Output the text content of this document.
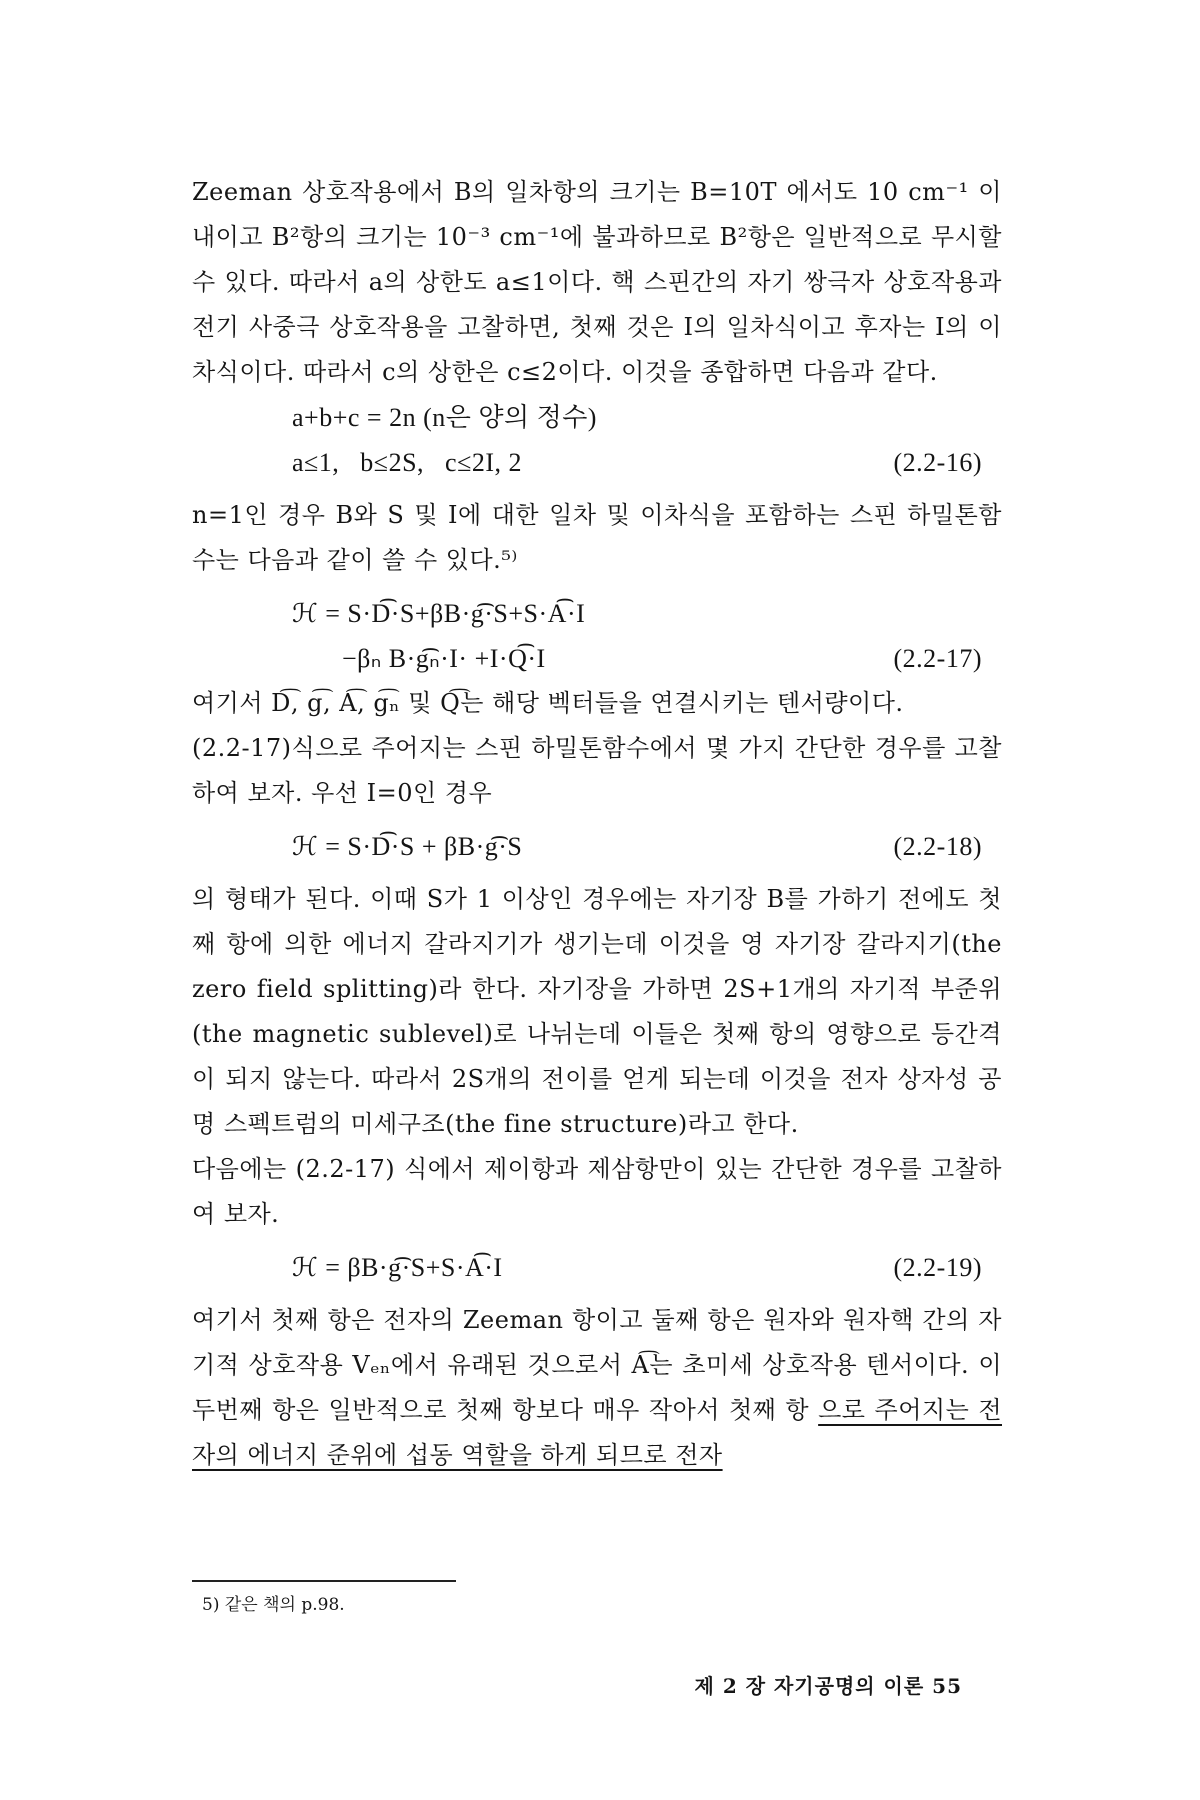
Zeeman 상호작용에서 B의 일차항의 크기는 B=10T 에서도 10 cm⁻¹ 이내이고 B²항의 크기는 10⁻³ cm⁻¹에 불과하므로 B²항은 일반적으로 무시할 수 있다. 따라서 a의 상한도 a≤1이다. 핵 스핀간의 자기 쌍극자 상호작용과 전기 사중극 상호작용을 고찰하면, 첫째 것은 I의 일차식이고 후자는 I의 이차식이다. 따라서 c의 상한은 c≤2이다. 이것을 종합하면 다음과 같다.

a+b+c = 2n (n은 양의 정수)
a≤1,   b≤2S,   c≤2I, 2	(2.2-16)

n=1인 경우 B와 S 및 I에 대한 일차 및 이차식을 포함하는 스핀 하밀톤함수는 다음과 같이 쓸 수 있다.⁵⁾

ℋ = S·D͡·S+βB·g͡·S+S·A͡·I
−βₙ B·g͡ₙ·I· +I·Q͡·I	(2.2-17)

여기서 D͡, g͡, A͡, g͡ₙ 및 Q͡는 해당 벡터들을 연결시키는 텐서량이다.

(2.2-17)식으로 주어지는 스핀 하밀톤함수에서 몇 가지 간단한 경우를 고찰하여 보자. 우선 I=0인 경우

ℋ = S·D͡·S + βB·g͡·S	(2.2-18)

의 형태가 된다. 이때 S가 1 이상인 경우에는 자기장 B를 가하기 전에도 첫째 항에 의한 에너지 갈라지기가 생기는데 이것을 영 자기장 갈라지기(the zero field splitting)라 한다. 자기장을 가하면 2S+1개의 자기적 부준위(the magnetic sublevel)로 나뉘는데 이들은 첫째 항의 영향으로 등간격이 되지 않는다. 따라서 2S개의 전이를 얻게 되는데 이것을 전자 상자성 공명 스펙트럼의 미세구조(the fine structure)라고 한다.

다음에는 (2.2-17) 식에서 제이항과 제삼항만이 있는 간단한 경우를 고찰하여 보자.

ℋ = βB·g͡·S+S·A͡·I	(2.2-19)

여기서 첫째 항은 전자의 Zeeman 항이고 둘째 항은 원자와 원자핵 간의 자기적 상호작용 Vₑₙ에서 유래된 것으로서 A͡는 초미세 상호작용 텐서이다. 이 두번째 항은 일반적으로 첫째 항보다 매우 작아서 첫째 항 으로 주어지는 전자의 에너지 준위에 섭동 역할을 하게 되므로 전자

5) 같은 책의 p.98.
제 2 장 자기공명의 이론 55
